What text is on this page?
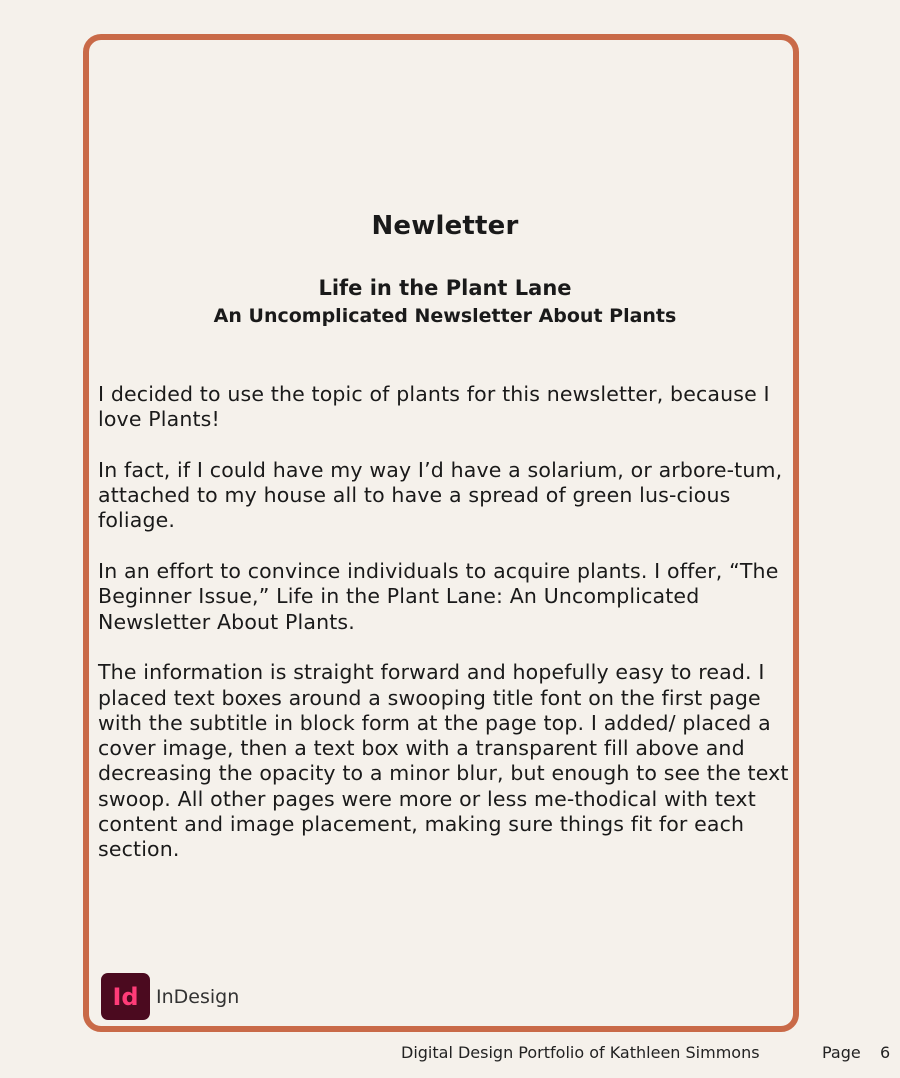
Newletter
Life in the Plant Lane
An Uncomplicated Newsletter About Plants

I decided to use the topic of plants for this newsletter, because I love Plants!

In fact, if I could have my way I’d have a solarium, or arbore-tum, attached to my house all to have a spread of green lus-cious foliage.

In an effort to convince individuals to acquire plants. I offer, “The Beginner Issue,” Life in the Plant Lane: An Uncomplicated Newsletter About Plants.

The information is straight forward and hopefully easy to read. I placed text boxes around a swooping title font on the first page with the subtitle in block form at the page top. I added/ placed a cover image, then a text box with a transparent fill above and decreasing the opacity to a minor blur, but enough to see the text swoop. All other pages were more or less me-thodical with text content and image placement, making sure things fit for each section.

Id InDesign
Digital Design Portfolio of Kathleen Simmons	Page 6
